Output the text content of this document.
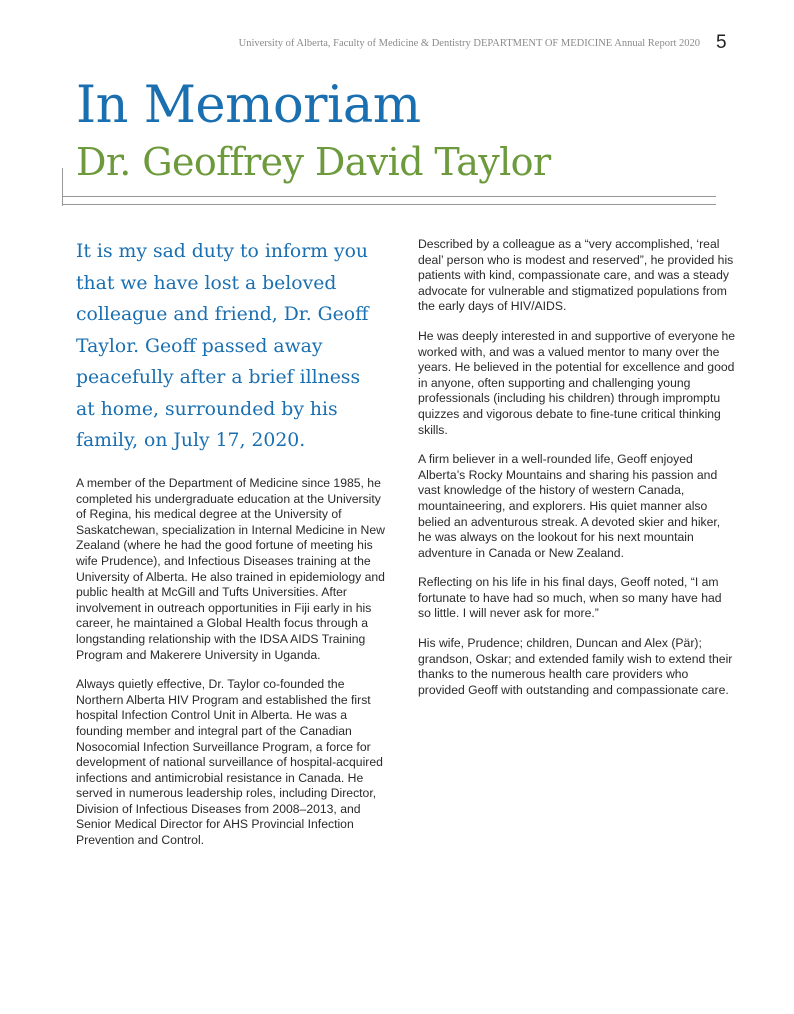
University of Alberta, Faculty of Medicine & Dentistry DEPARTMENT OF MEDICINE Annual Report 2020 5
In Memoriam
Dr. Geoffrey David Taylor

It is my sad duty to inform you

that we have lost a beloved

colleague and friend, Dr. Geoff

Taylor. Geoff passed away

peacefully after a brief illness

at home, surrounded by his

family, on July 17, 2020.

A member of the Department of Medicine since 1985, he completed his undergraduate education at the University of Regina, his medical degree at the University of Saskatchewan, specialization in Internal Medicine in New Zealand (where he had the good fortune of meeting his wife Prudence), and Infectious Diseases training at the University of Alberta. He also trained in epidemiology and public health at McGill and Tufts Universities. After involvement in outreach opportunities in Fiji early in his career, he maintained a Global Health focus through a longstanding relationship with the IDSA AIDS Training Program and Makerere University in Uganda.

Always quietly effective, Dr. Taylor co-founded the Northern Alberta HIV Program and established the first hospital Infection Control Unit in Alberta. He was a founding member and integral part of the Canadian Nosocomial Infection Surveillance Program, a force for development of national surveillance of hospital-acquired infections and antimicrobial resistance in Canada. He served in numerous leadership roles, including Director, Division of Infectious Diseases from 2008–2013, and Senior Medical Director for AHS Provincial Infection Prevention and Control.

Described by a colleague as a “very accomplished, ‘real deal’ person who is modest and reserved”, he provided his patients with kind, compassionate care, and was a steady advocate for vulnerable and stigmatized populations from the early days of HIV/AIDS.

He was deeply interested in and supportive of everyone he worked with, and was a valued mentor to many over the years. He believed in the potential for excellence and good in anyone, often supporting and challenging young professionals (including his children) through impromptu quizzes and vigorous debate to fine-tune critical thinking skills.

A firm believer in a well-rounded life, Geoff enjoyed Alberta’s Rocky Mountains and sharing his passion and vast knowledge of the history of western Canada, mountaineering, and explorers. His quiet manner also belied an adventurous streak. A devoted skier and hiker, he was always on the lookout for his next mountain adventure in Canada or New Zealand.

Reflecting on his life in his final days, Geoff noted, “I am fortunate to have had so much, when so many have had so little. I will never ask for more.”

His wife, Prudence; children, Duncan and Alex (Pär); grandson, Oskar; and extended family wish to extend their thanks to the numerous health care providers who provided Geoff with outstanding and compassionate care.
